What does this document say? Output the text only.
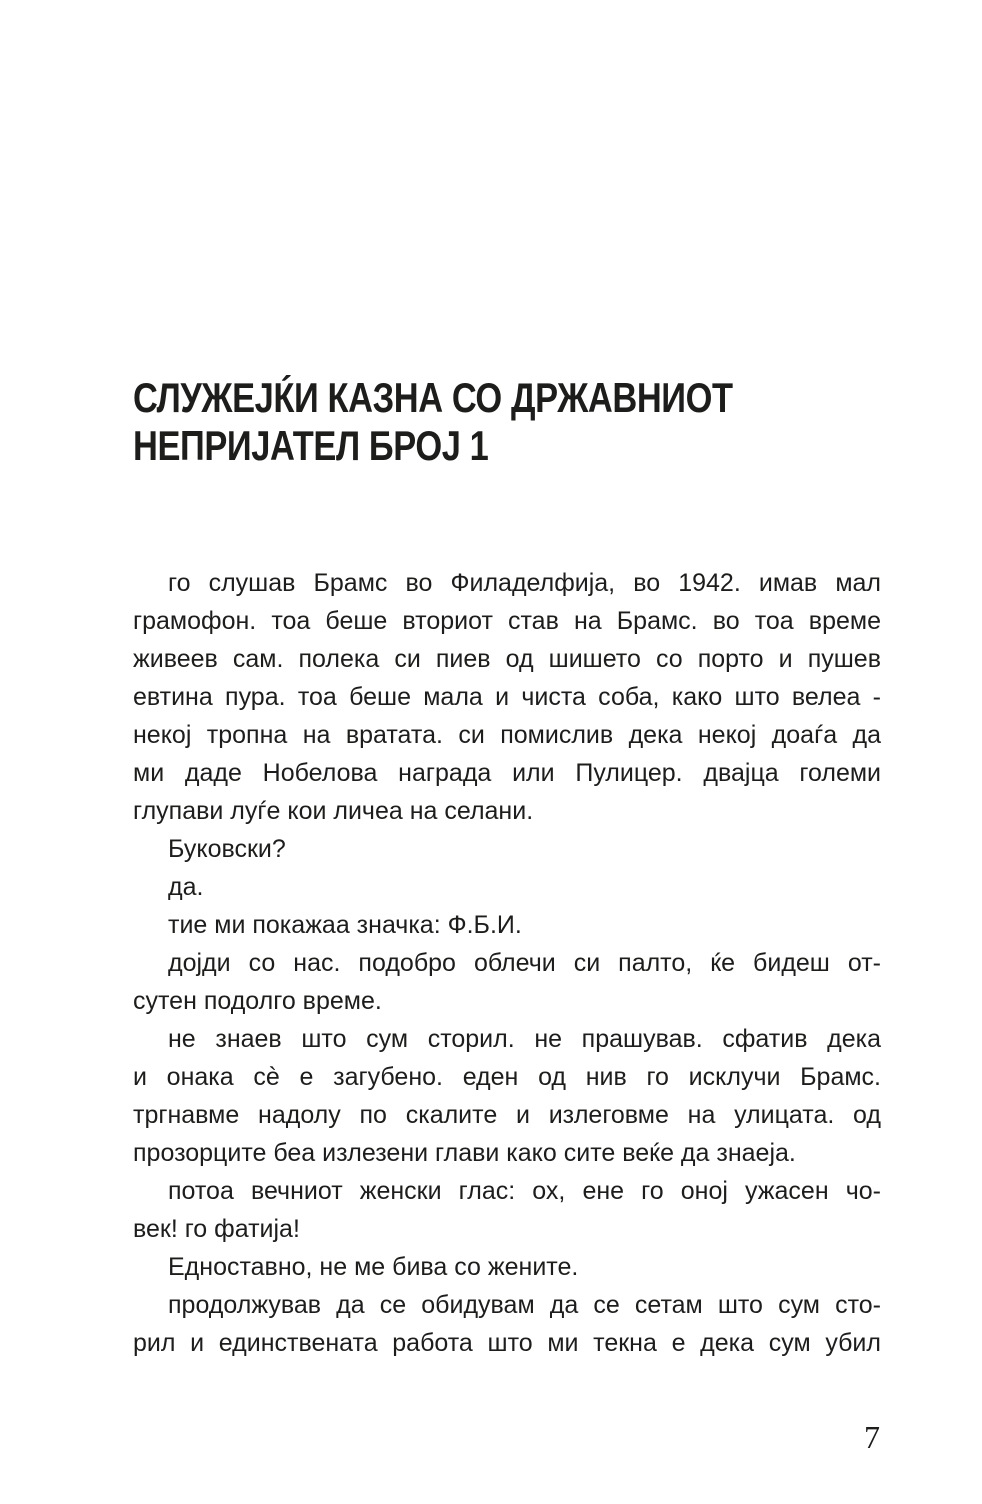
СЛУЖЕЈЌИ КАЗНА СО ДРЖАВНИОТ
НЕПРИЈАТЕЛ БРОЈ 1
го слушав Брамс во Филаделфија, во 1942. имав мал
грамофон. тоа беше вториот став на Брамс. во тоа време
живеев сам. полека си пиев од шишето со порто и пушев
евтина пура. тоа беше мала и чиста соба, како што велеа -
некој тропна на вратата. си помислив дека некој доаѓа да
ми даде Нобелова награда или Пулицер. двајца големи
глупави луѓе кои личеа на селани.
Буковски?
да.
тие ми покажаа значка: Ф.Б.И.
дојди со нас. подобро облечи си палто, ќе бидеш от-
сутен подолго време.
не знаев што сум сторил. не прашував. сфатив дека
и онака сè е загубено. еден од нив го исклучи Брамс.
тргнавме надолу по скалите и излеговме на улицата. од
прозорците беа излезени глави како сите веќе да знаеја.
потоа вечниот женски глас: ох, ене го оној ужасен чо-
век! го фатија!
Едноставно, не ме бива со жените.
продолжував да се обидувам да се сетам што сум сто-
рил и единствената работа што ми текна е дека сум убил
7
